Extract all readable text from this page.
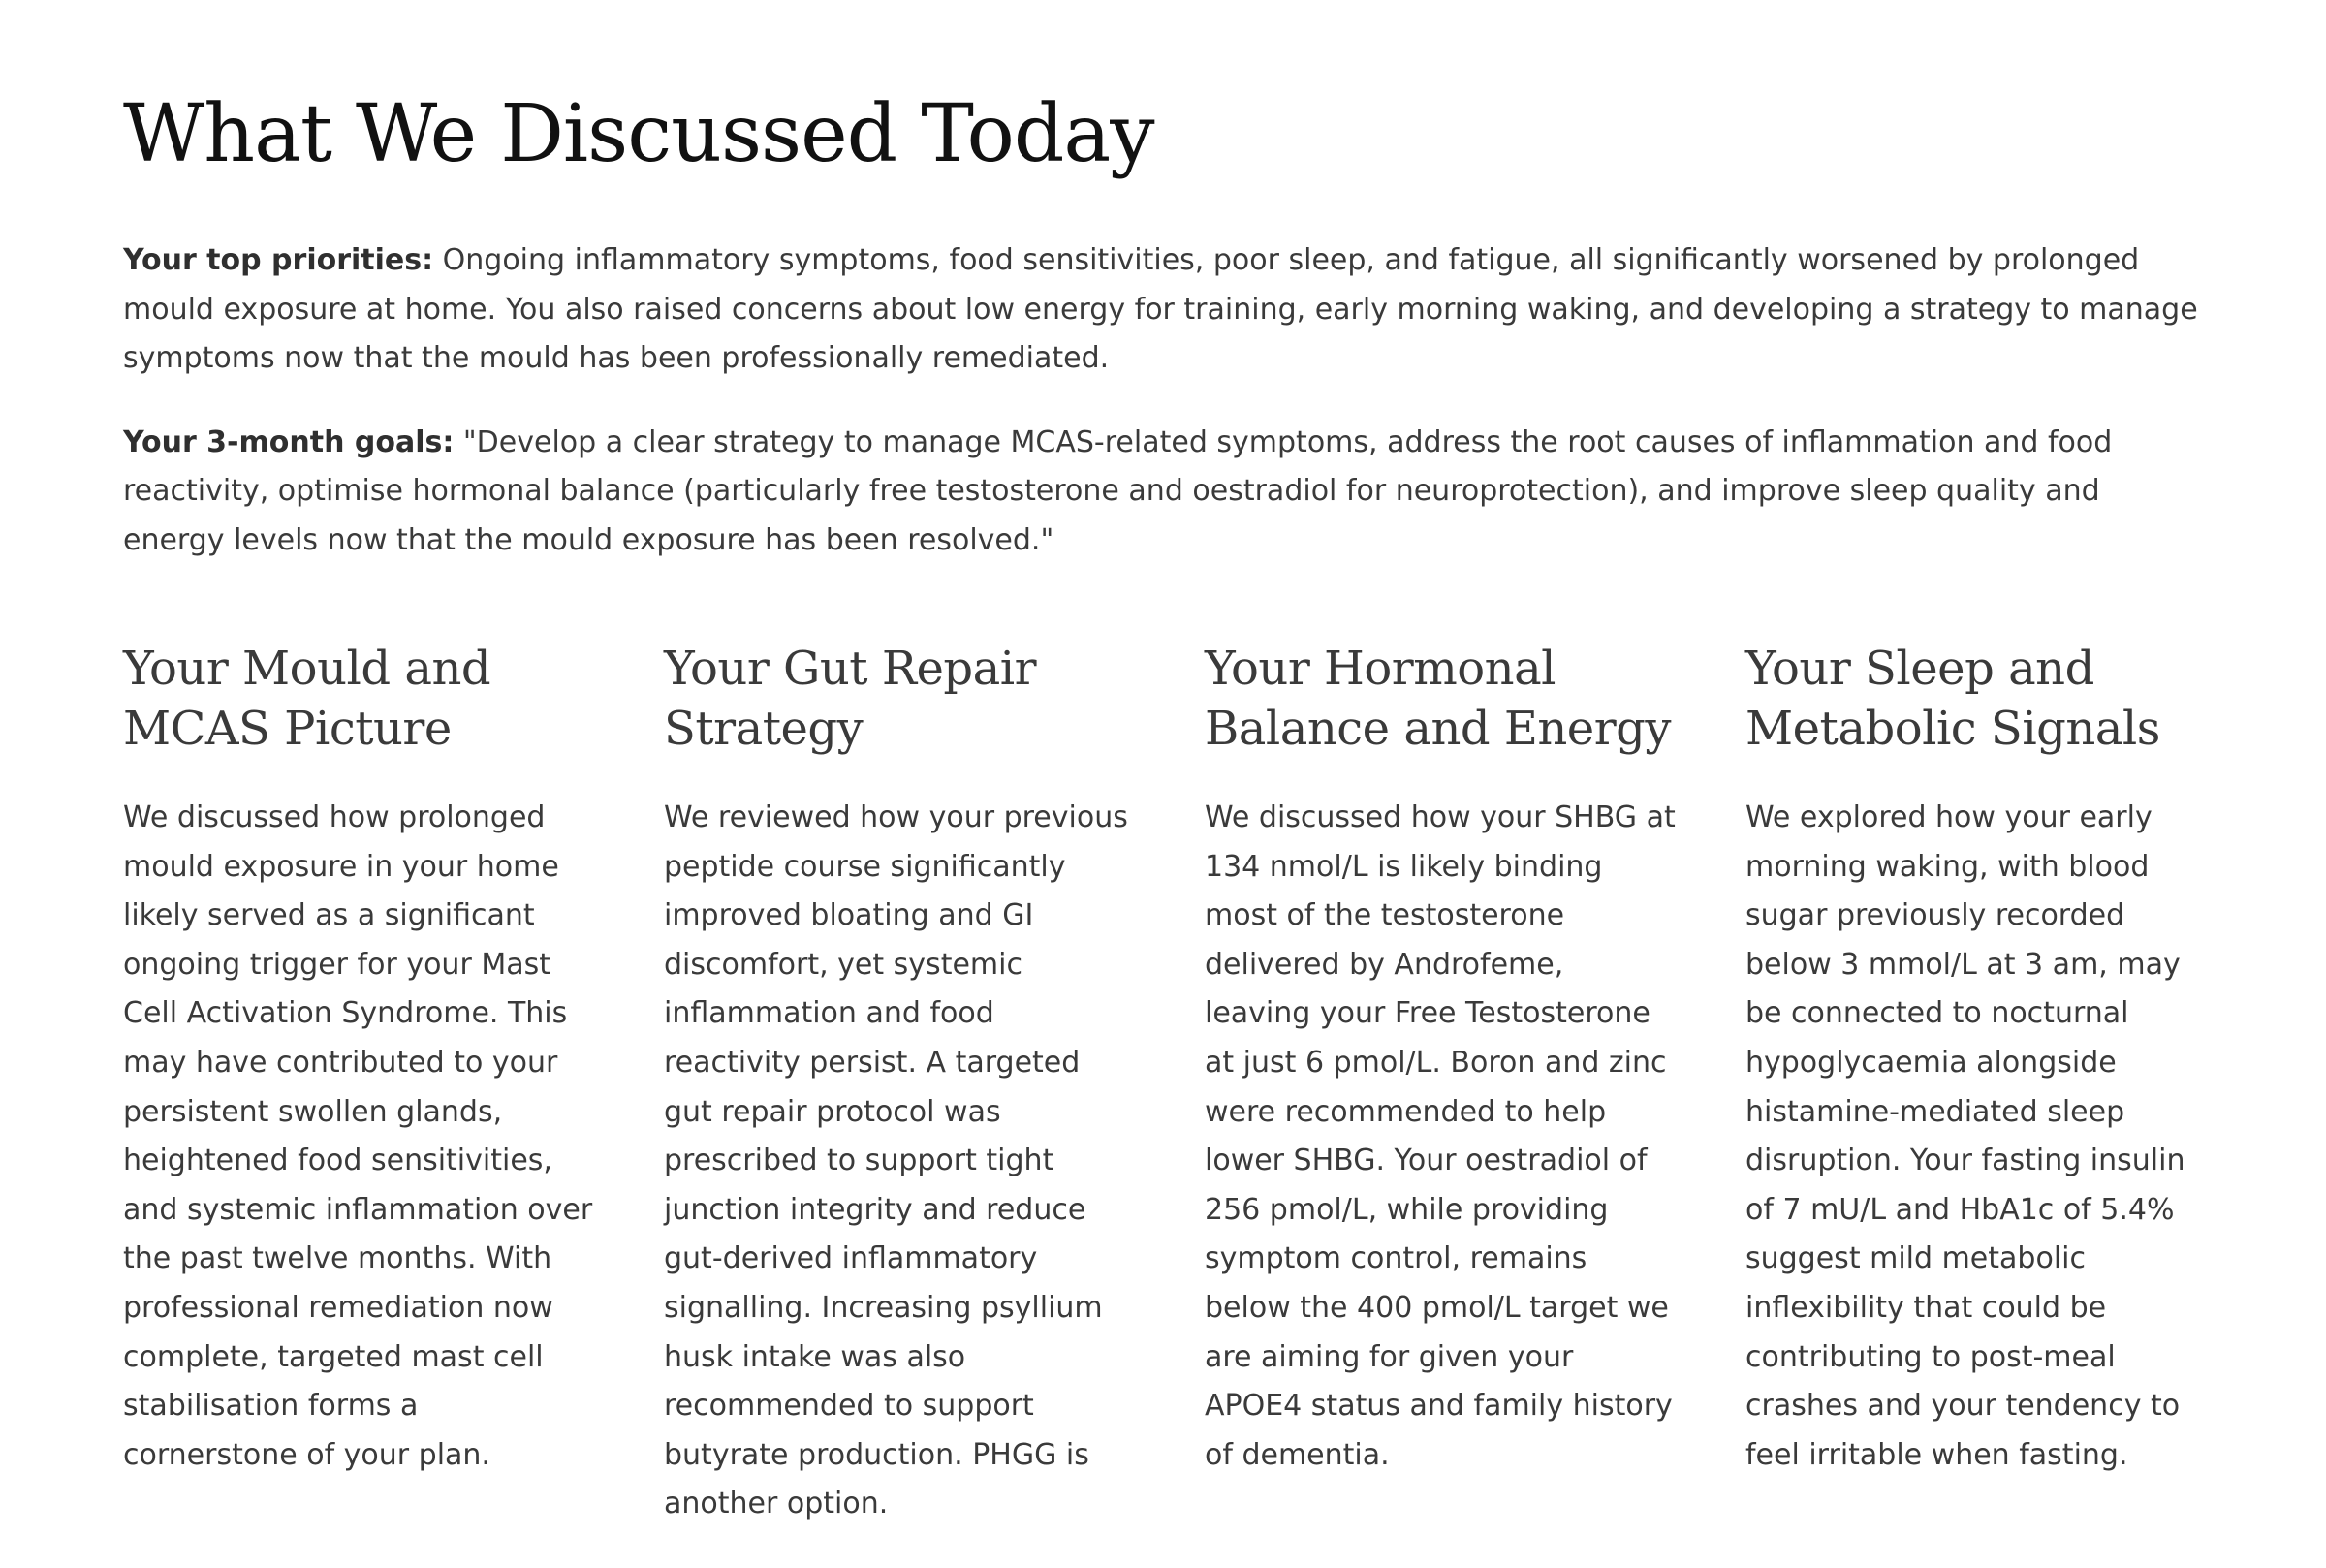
What We Discussed Today

Your top priorities: Ongoing inflammatory symptoms, food sensitivities, poor sleep, and fatigue, all significantly worsened by prolonged mould exposure at home. You also raised concerns about low energy for training, early morning waking, and developing a strategy to manage symptoms now that the mould has been professionally remediated.

Your 3-month goals: "Develop a clear strategy to manage MCAS-related symptoms, address the root causes of inflammation and food reactivity, optimise hormonal balance (particularly free testosterone and oestradiol for neuroprotection), and improve sleep quality and energy levels now that the mould exposure has been resolved."

Your Mould and MCAS Picture

We discussed how prolonged mould exposure in your home likely served as a significant ongoing trigger for your Mast Cell Activation Syndrome. This may have contributed to your persistent swollen glands, heightened food sensitivities, and systemic inflammation over the past twelve months. With professional remediation now complete, targeted mast cell stabilisation forms a cornerstone of your plan.

Your Gut Repair Strategy

We reviewed how your previous peptide course significantly improved bloating and GI discomfort, yet systemic inflammation and food reactivity persist. A targeted gut repair protocol was prescribed to support tight junction integrity and reduce gut-derived inflammatory signalling. Increasing psyllium husk intake was also recommended to support butyrate production. PHGG is another option.

Your Hormonal Balance and Energy

We discussed how your SHBG at 134 nmol/L is likely binding most of the testosterone delivered by Androfeme, leaving your Free Testosterone at just 6 pmol/L. Boron and zinc were recommended to help lower SHBG. Your oestradiol of 256 pmol/L, while providing symptom control, remains below the 400 pmol/L target we are aiming for given your APOE4 status and family history of dementia.

Your Sleep and Metabolic Signals

We explored how your early morning waking, with blood sugar previously recorded below 3 mmol/L at 3 am, may be connected to nocturnal hypoglycaemia alongside histamine-mediated sleep disruption. Your fasting insulin of 7 mU/L and HbA1c of 5.4% suggest mild metabolic inflexibility that could be contributing to post-meal crashes and your tendency to feel irritable when fasting.
